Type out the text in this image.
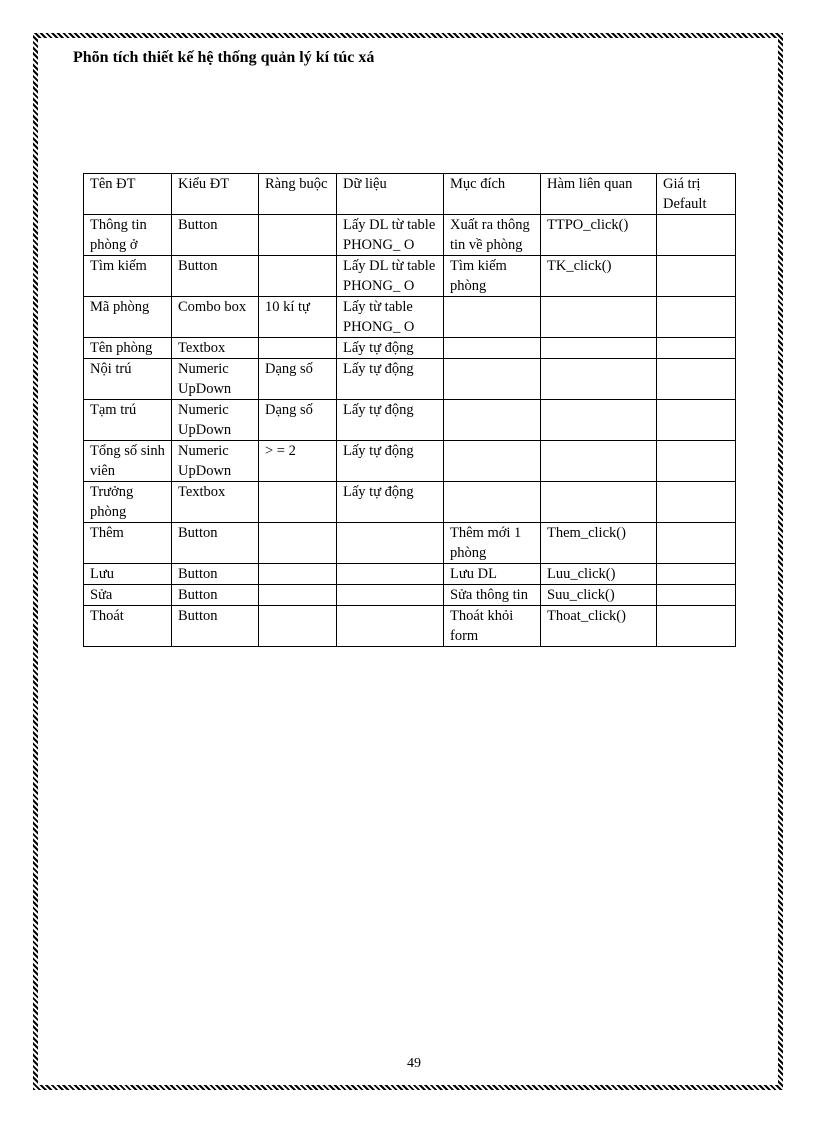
Phõn tích thiết kế hệ thống quản lý kí túc xá
Tên ĐT	Kiểu ĐT	Ràng buộc	Dữ liệu	Mục đích	Hàm liên quan	Giá trị Default
Thông tin phòng ở	Button		Lấy DL từ table PHONG_ O	Xuất ra thông tin về phòng	TTPO_click()	
Tìm kiếm	Button		Lấy DL từ table PHONG_ O	Tìm kiếm phòng	TK_click()	
Mã phòng	Combo box	10 kí tự	Lấy từ table PHONG_ O			
Tên phòng	Textbox		Lấy tự động			
Nội trú	Numeric UpDown	Dạng số	Lấy tự động			
Tạm trú	Numeric UpDown	Dạng số	Lấy tự động			
Tổng số sinh viên	Numeric UpDown	> = 2	Lấy tự động			
Trưởng phòng	Textbox		Lấy tự động			
Thêm	Button			Thêm mới 1 phòng	Them_click()	
Lưu	Button			Lưu DL	Luu_click()	
Sửa	Button			Sửa thông tin	Suu_click()	
Thoát	Button			Thoát khỏi form	Thoat_click()	
49
